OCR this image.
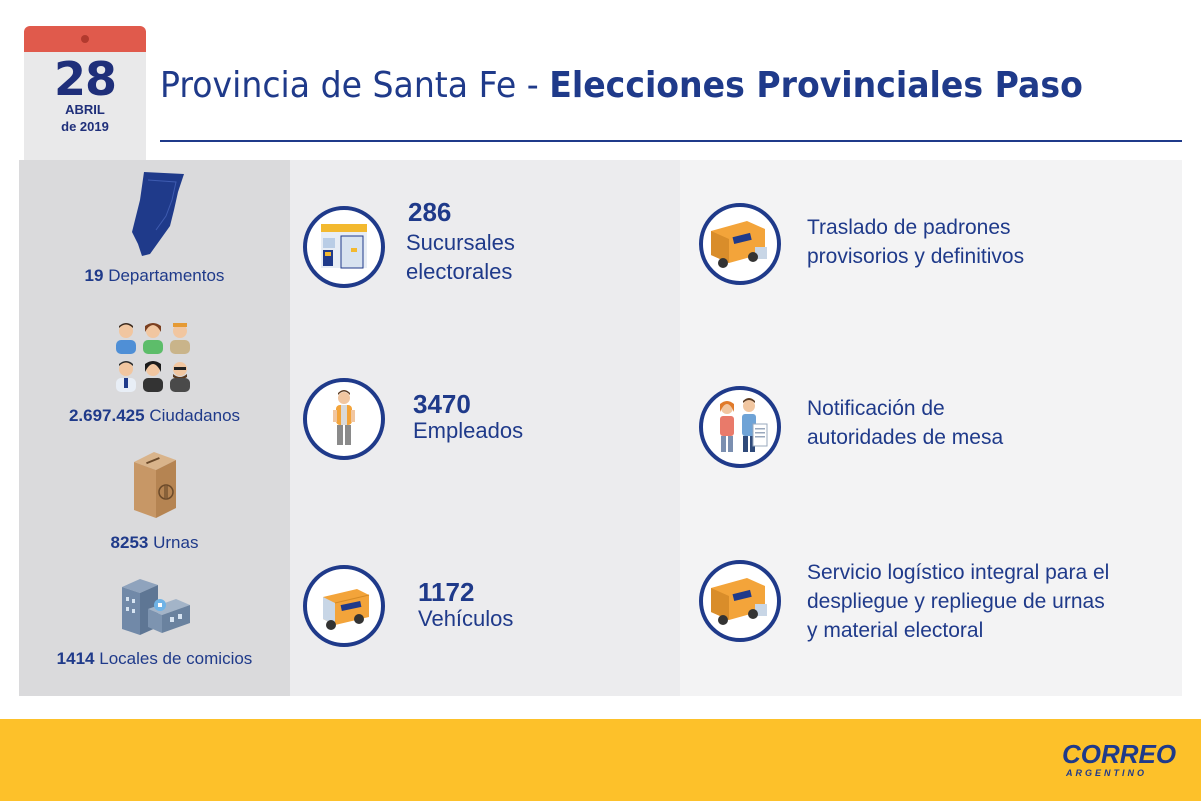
28
ABRIL
de 2019
Provincia de Santa Fe - Elecciones Provinciales Paso
19 Departamentos
2.697.425 Ciudadanos
8253 Urnas
1414 Locales de comicios
286
Sucursales
electorales
3470
Empleados
1172
Vehículos
Traslado de padrones
provisorios y definitivos
Notificación de
autoridades de mesa
Servicio logístico integral para el
despliegue y repliegue de urnas
y material electoral
CORREO
ARGENTINO
